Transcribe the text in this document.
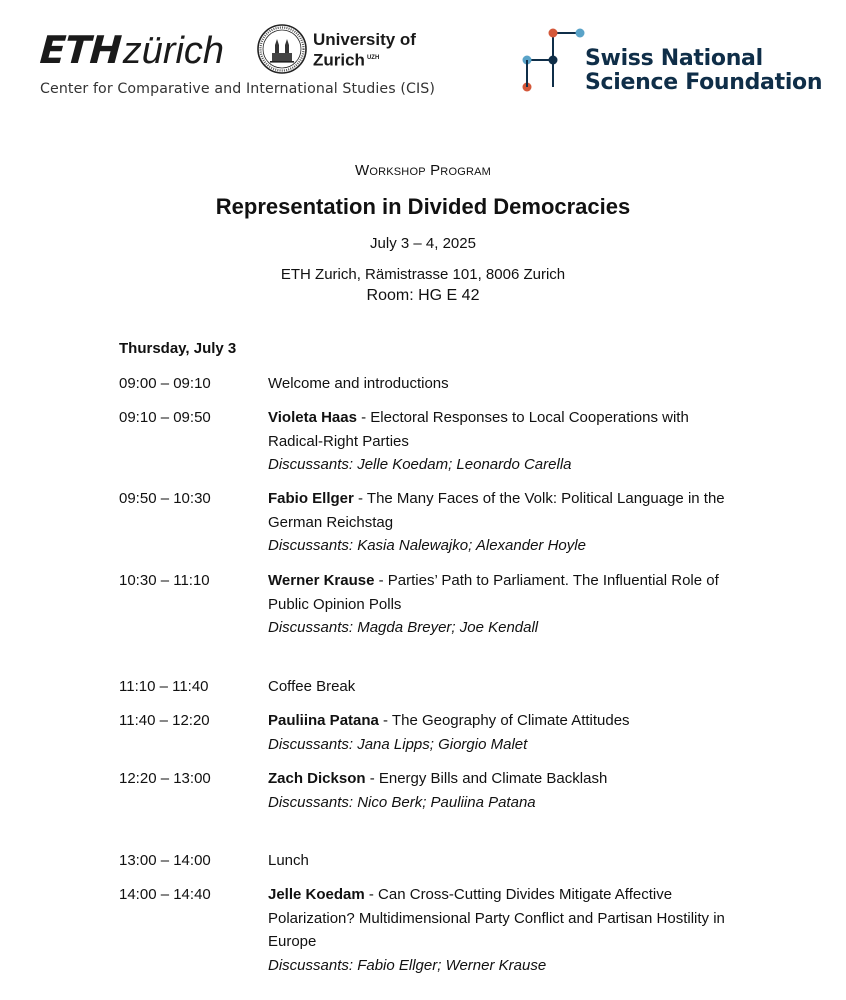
ETH zürich	University of
Zurich $^{UZH}$
Center for Comparative and International Studies (CIS)
Swiss National
Science Foundation
Workshop Program
Representation in Divided Democracies
July 3 – 4, 2025
ETH Zurich, Rämistrasse 101, 8006 Zurich
Room: HG E 42
Thursday, July 3
09:00 – 09:10	Welcome and introductions
09:10 – 09:50	Violeta Haas - Electoral Responses to Local Cooperations with Radical-Right Parties
Discussants: Jelle Koedam; Leonardo Carella
09:50 – 10:30	Fabio Ellger - The Many Faces of the Volk: Political Language in the German Reichstag
Discussants: Kasia Nalewajko; Alexander Hoyle
10:30 – 11:10	Werner Krause - Parties’ Path to Parliament. The Influential Role of Public Opinion Polls
Discussants: Magda Breyer; Joe Kendall
11:10 – 11:40	Coffee Break
11:40 – 12:20	Pauliina Patana - The Geography of Climate Attitudes
Discussants: Jana Lipps; Giorgio Malet
12:20 – 13:00	Zach Dickson - Energy Bills and Climate Backlash
Discussants: Nico Berk; Pauliina Patana
13:00 – 14:00	Lunch
14:00 – 14:40	Jelle Koedam - Can Cross-Cutting Divides Mitigate Affective Polarization? Multidimensional Party Conflict and Partisan Hostility in Europe
Discussants: Fabio Ellger; Werner Krause
